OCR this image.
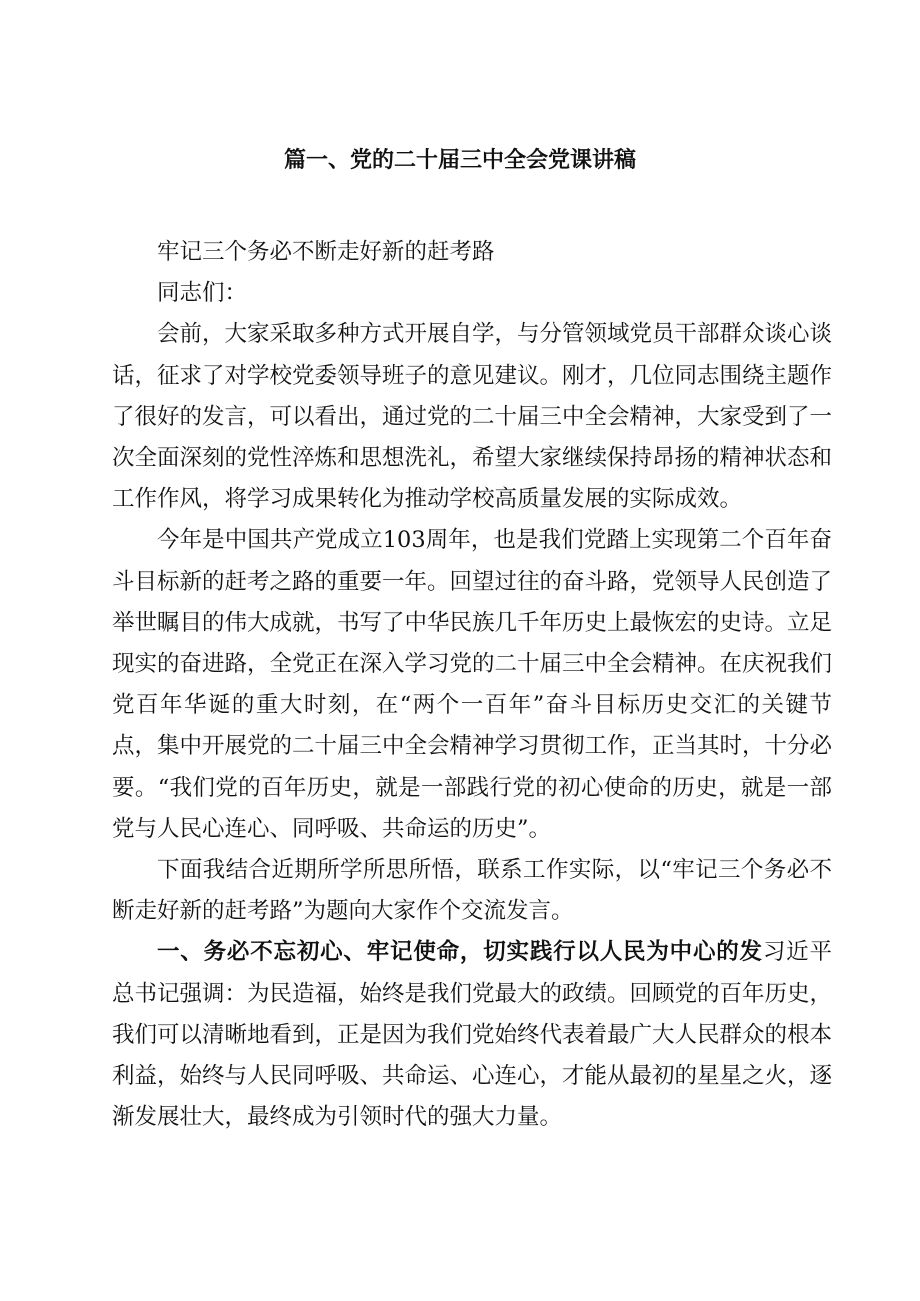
篇一、党的二十届三中全会党课讲稿

牢记三个务必不断走好新的赶考路

同志们：

会前，大家采取多种方式开展自学，与分管领域党员干部群众谈心谈话，征求了对学校党委领导班子的意见建议。刚才，几位同志围绕主题作了很好的发言，可以看出，通过党的二十届三中全会精神，大家受到了一次全面深刻的党性淬炼和思想洗礼，希望大家继续保持昂扬的精神状态和工作作风，将学习成果转化为推动学校高质量发展的实际成效。

今年是中国共产党成立103周年，也是我们党踏上实现第二个百年奋斗目标新的赶考之路的重要一年。回望过往的奋斗路，党领导人民创造了举世瞩目的伟大成就，书写了中华民族几千年历史上最恢宏的史诗。立足现实的奋进路，全党正在深入学习党的二十届三中全会精神。在庆祝我们党百年华诞的重大时刻，在“两个一百年”奋斗目标历史交汇的关键节点，集中开展党的二十届三中全会精神学习贯彻工作，正当其时，十分必要。“我们党的百年历史，就是一部践行党的初心使命的历史，就是一部党与人民心连心、同呼吸、共命运的历史”。

下面我结合近期所学所思所悟，联系工作实际，以“牢记三个务必不断走好新的赶考路”为题向大家作个交流发言。

一、务必不忘初心、牢记使命，切实践行以人民为中心的发习近平总书记强调：为民造福，始终是我们党最大的政绩。回顾党的百年历史，我们可以清晰地看到，正是因为我们党始终代表着最广大人民群众的根本利益，始终与人民同呼吸、共命运、心连心，才能从最初的星星之火，逐渐发展壮大，最终成为引领时代的强大力量。
